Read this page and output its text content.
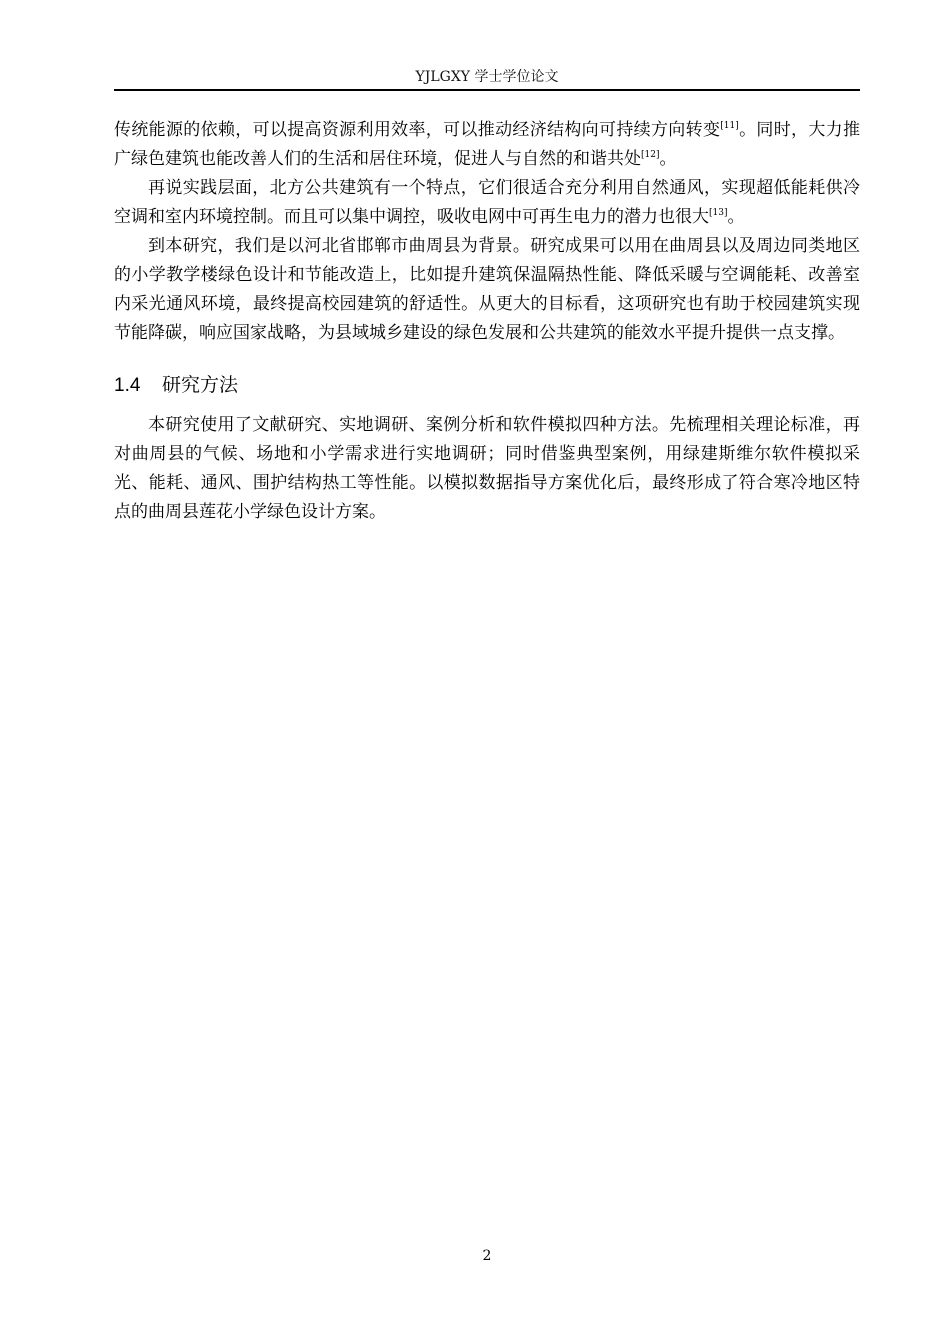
YJLGXY 学士学位论文

传统能源的依赖，可以提高资源利用效率，可以推动经济结构向可持续方向转变[11]。同时，大力推广绿色建筑也能改善人们的生活和居住环境，促进人与自然的和谐共处[12]。

再说实践层面，北方公共建筑有一个特点，它们很适合充分利用自然通风，实现超低能耗供冷空调和室内环境控制。而且可以集中调控，吸收电网中可再生电力的潜力也很大[13]。

到本研究，我们是以河北省邯郸市曲周县为背景。研究成果可以用在曲周县以及周边同类地区的小学教学楼绿色设计和节能改造上，比如提升建筑保温隔热性能、降低采暖与空调能耗、改善室内采光通风环境，最终提高校园建筑的舒适性。从更大的目标看，这项研究也有助于校园建筑实现节能降碳，响应国家战略，为县域城乡建设的绿色发展和公共建筑的能效水平提升提供一点支撑。

1.4 研究方法

本研究使用了文献研究、实地调研、案例分析和软件模拟四种方法。先梳理相关理论标准，再对曲周县的气候、场地和小学需求进行实地调研；同时借鉴典型案例，用绿建斯维尔软件模拟采光、能耗、通风、围护结构热工等性能。以模拟数据指导方案优化后，最终形成了符合寒冷地区特点的曲周县莲花小学绿色设计方案。

2
